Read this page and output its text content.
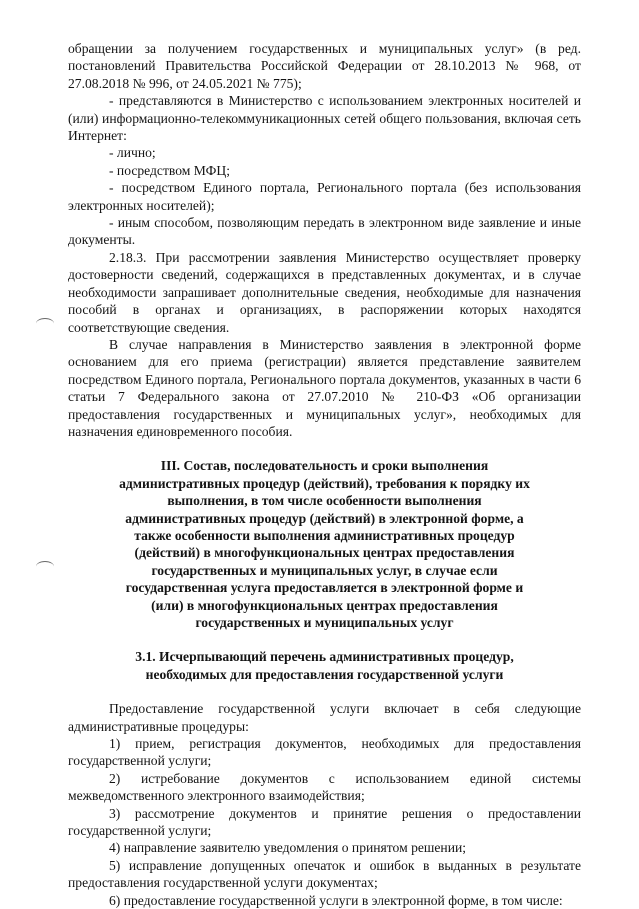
обращении за получением государственных и муниципальных услуг» (в ред. постановлений Правительства Российской Федерации от 28.10.2013 № 968, от 27.08.2018 № 996, от 24.05.2021 № 775);

- представляются в Министерство с использованием электронных носителей и (или) информационно-телекоммуникационных сетей общего пользования, включая сеть Интернет:

- лично;

- посредством МФЦ;

- посредством Единого портала, Регионального портала (без использования электронных носителей);

- иным способом, позволяющим передать в электронном виде заявление и иные документы.

2.18.3. При рассмотрении заявления Министерство осуществляет проверку достоверности сведений, содержащихся в представленных документах, и в случае необходимости запрашивает дополнительные сведения, необходимые для назначения пособий в органах и организациях, в распоряжении которых находятся соответствующие сведения.

В случае направления в Министерство заявления в электронной форме основанием для его приема (регистрации) является представление заявителем посредством Единого портала, Регионального портала документов, указанных в части 6 статьи 7 Федерального закона от 27.07.2010 № 210-ФЗ «Об организации предоставления государственных и муниципальных услуг», необходимых для назначения единовременного пособия.

III. Состав, последовательность и сроки выполнения административных процедур (действий), требования к порядку их выполнения, в том числе особенности выполнения административных процедур (действий) в электронной форме, а также особенности выполнения административных процедур (действий) в многофункциональных центрах предоставления государственных и муниципальных услуг, в случае если государственная услуга предоставляется в электронной форме и (или) в многофункциональных центрах предоставления государственных и муниципальных услуг

3.1. Исчерпывающий перечень административных процедур, необходимых для предоставления государственной услуги

Предоставление государственной услуги включает в себя следующие административные процедуры:

1) прием, регистрация документов, необходимых для предоставления государственной услуги;

2) истребование документов с использованием единой системы межведомственного электронного взаимодействия;

3) рассмотрение документов и принятие решения о предоставлении государственной услуги;

4) направление заявителю уведомления о принятом решении;

5) исправление допущенных опечаток и ошибок в выданных в результате предоставления государственной услуги документах;

6) предоставление государственной услуги в электронной форме, в том числе:
